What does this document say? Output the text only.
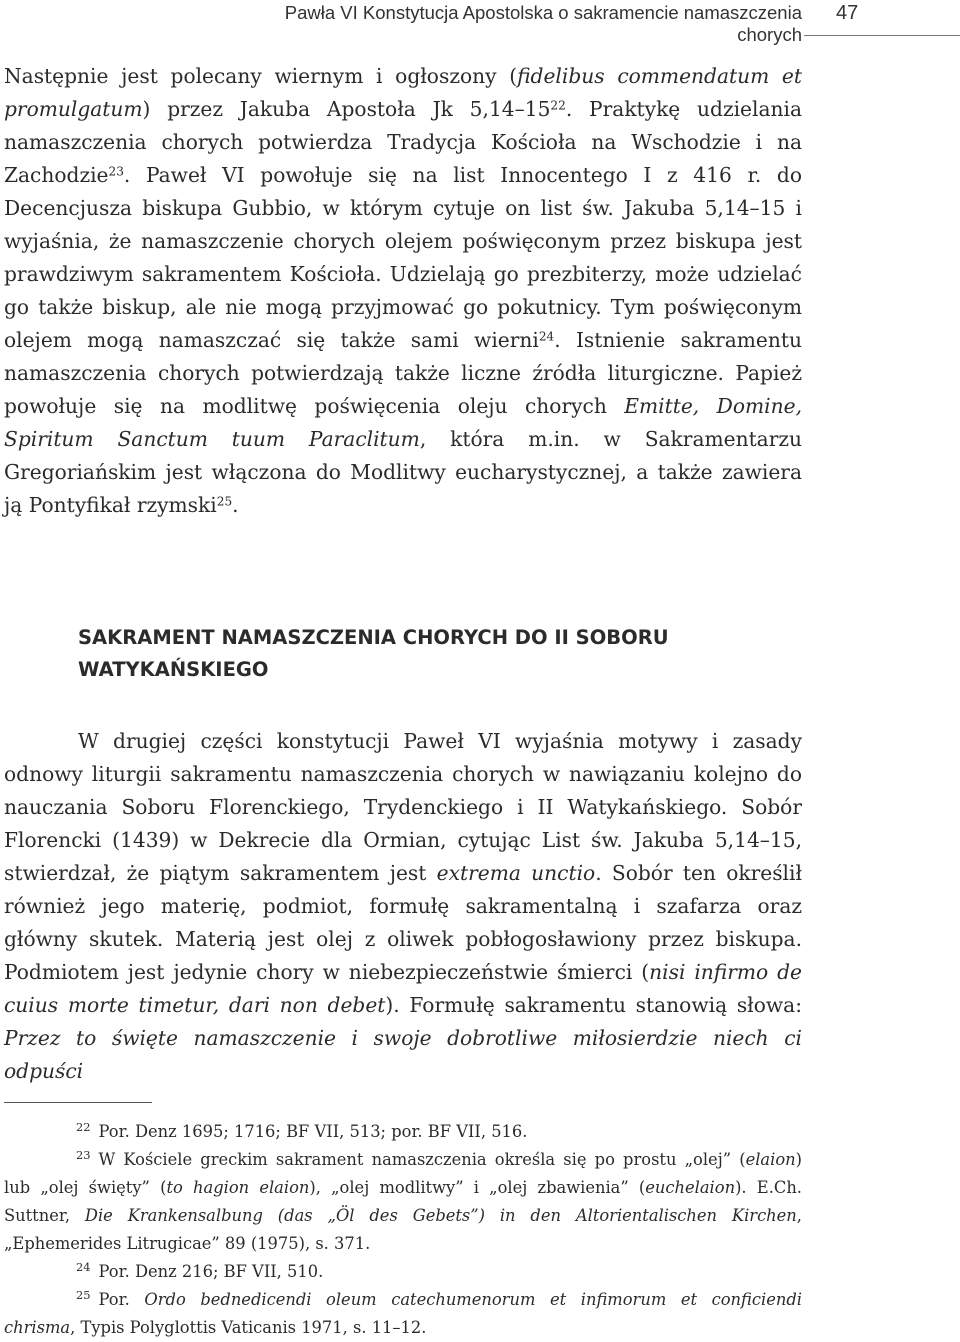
Pawła VI Konstytucja Apostolska o sakramencie namaszczenia chorych
47

Następnie jest polecany wiernym i ogłoszony (fidelibus commendatum et promulgatum) przez Jakuba Apostoła Jk $5,14-15^{22}$. Praktykę udzielania namaszczenia chorych potwierdza Tradycja Kościoła na Wschodzie i na Zachodzie$^{23}$. Paweł VI powołuje się na list Innocentego I z 416 r. do Decencjusza biskupa Gubbio, w którym cytuje on list św. Jakuba 5,14–15 i wyjaśnia, że namaszczenie chorych olejem poświęconym przez biskupa jest prawdziwym sakramentem Kościoła. Udzielają go prezbiterzy, może udzielać go także biskup, ale nie mogą przyjmować go pokutnicy. Tym poświęconym olejem mogą namaszczać się także sami wierni$^{24}$. Istnienie sakramentu namaszczenia chorych potwierdzają także liczne źródła liturgiczne. Papież powołuje się na modlitwę poświęcenia oleju chorych Emitte, Domine, Spiritum Sanctum tuum Paraclitum, która m.in. w Sakramentarzu Gregoriańskim jest włączona do Modlitwy eucharystycznej, a także zawiera ją Pontyfikał rzymski$^{25}$.

SAKRAMENT NAMASZCZENIA CHORYCH DO II SOBORU WATYKAŃSKIEGO

W drugiej części konstytucji Paweł VI wyjaśnia motywy i zasady odnowy liturgii sakramentu namaszczenia chorych w nawiązaniu kolejno do nauczania Soboru Florenckiego, Trydenckiego i II Watykańskiego. Sobór Florencki (1439) w Dekrecie dla Ormian, cytując List św. Jakuba 5,14–15, stwierdzał, że piątym sakramentem jest extrema unctio. Sobór ten określił również jego materię, podmiot, formułę sakramentalną i szafarza oraz główny skutek. Materią jest olej z oliwek pobłogosławiony przez biskupa. Podmiotem jest jedynie chory w niebezpieczeństwie śmierci (nisi infirmo de cuius morte timetur, dari non debet). Formułę sakramentu stanowią słowa: Przez to święte namaszczenie i swoje dobrotliwe miłosierdzie niech ci odpuści

$^{22}$ Por. Denz 1695; 1716; BF VII, 513; por. BF VII, 516.

$^{23}$ W Kościele greckim sakrament namaszczenia określa się po prostu „olej” (elaion) lub „olej święty” (to hagion elaion), „olej modlitwy” i „olej zbawienia” (euchelaion). E.Ch. Suttner, Die Krankensalbung (das „Öl des Gebets”) in den Altorientalischen Kirchen, „Ephemerides Litrugicae” 89 (1975), s. 371.

$^{24}$ Por. Denz 216; BF VII, 510.

$^{25}$ Por. Ordo bednedicendi oleum catechumenorum et infimorum et conficiendi chrisma, Typis Polyglottis Vaticanis 1971, s. 11–12.
